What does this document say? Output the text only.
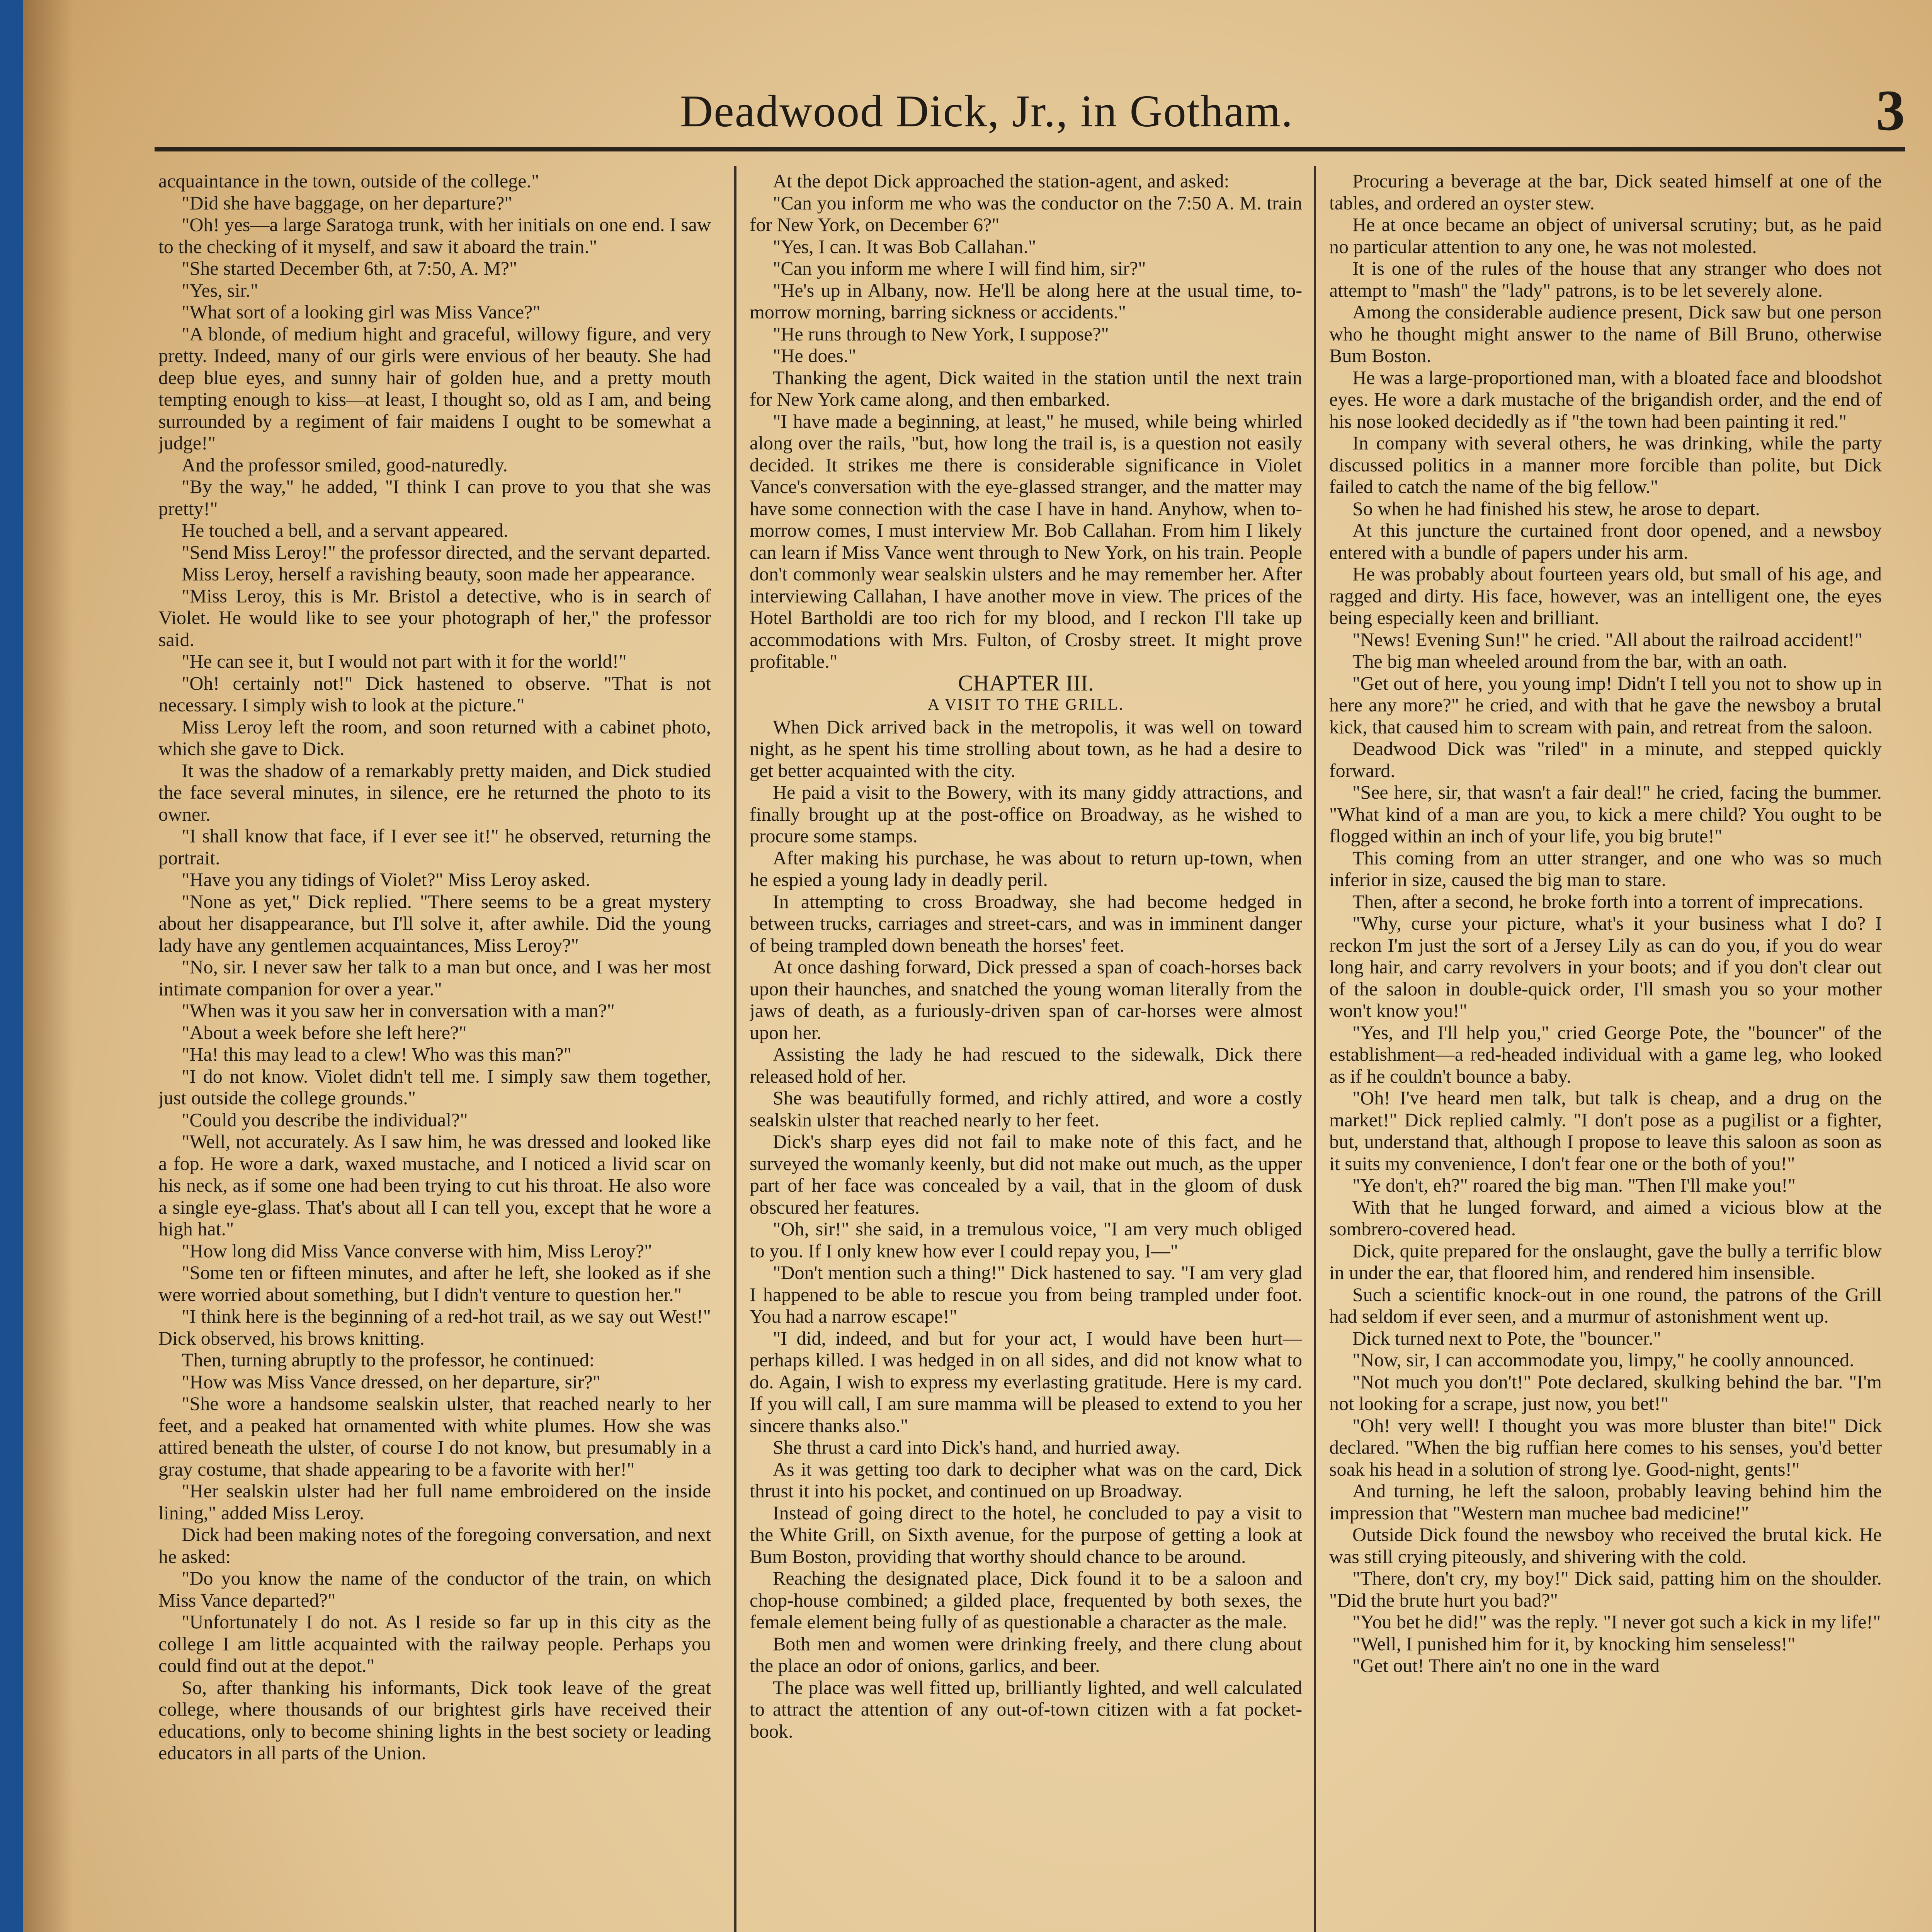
Deadwood Dick, Jr., in Gotham.	3

acquaintance in the town, outside of the college."

"Did she have baggage, on her departure?"

"Oh! yes—a large Saratoga trunk, with her initials on one end. I saw to the checking of it myself, and saw it aboard the train."

"She started December 6th, at 7:50, A. M?"

"Yes, sir."

"What sort of a looking girl was Miss Vance?"

"A blonde, of medium hight and graceful, willowy figure, and very pretty. Indeed, many of our girls were envious of her beauty. She had deep blue eyes, and sunny hair of golden hue, and a pretty mouth tempting enough to kiss—at least, I thought so, old as I am, and being surrounded by a regiment of fair maidens I ought to be somewhat a judge!"

And the professor smiled, good-naturedly.

"By the way," he added, "I think I can prove to you that she was pretty!"

He touched a bell, and a servant appeared.

"Send Miss Leroy!" the professor directed, and the servant departed.

Miss Leroy, herself a ravishing beauty, soon made her appearance.

"Miss Leroy, this is Mr. Bristol a detective, who is in search of Violet. He would like to see your photograph of her," the professor said.

"He can see it, but I would not part with it for the world!"

"Oh! certainly not!" Dick hastened to observe. "That is not necessary. I simply wish to look at the picture."

Miss Leroy left the room, and soon returned with a cabinet photo, which she gave to Dick.

It was the shadow of a remarkably pretty maiden, and Dick studied the face several minutes, in silence, ere he returned the photo to its owner.

"I shall know that face, if I ever see it!" he observed, returning the portrait.

"Have you any tidings of Violet?" Miss Leroy asked.

"None as yet," Dick replied. "There seems to be a great mystery about her disappearance, but I'll solve it, after awhile. Did the young lady have any gentlemen acquaintances, Miss Leroy?"

"No, sir. I never saw her talk to a man but once, and I was her most intimate companion for over a year."

"When was it you saw her in conversation with a man?"

"About a week before she left here?"

"Ha! this may lead to a clew! Who was this man?"

"I do not know. Violet didn't tell me. I simply saw them together, just outside the college grounds."

"Could you describe the individual?"

"Well, not accurately. As I saw him, he was dressed and looked like a fop. He wore a dark, waxed mustache, and I noticed a livid scar on his neck, as if some one had been trying to cut his throat. He also wore a single eye-glass. That's about all I can tell you, except that he wore a high hat."

"How long did Miss Vance converse with him, Miss Leroy?"

"Some ten or fifteen minutes, and after he left, she looked as if she were worried about something, but I didn't venture to question her."

"I think here is the beginning of a red-hot trail, as we say out West!" Dick observed, his brows knitting.

Then, turning abruptly to the professor, he continued:

"How was Miss Vance dressed, on her departure, sir?"

"She wore a handsome sealskin ulster, that reached nearly to her feet, and a peaked hat ornamented with white plumes. How she was attired beneath the ulster, of course I do not know, but presumably in a gray costume, that shade appearing to be a favorite with her!"

"Her sealskin ulster had her full name embroidered on the inside lining," added Miss Leroy.

Dick had been making notes of the foregoing conversation, and next he asked:

"Do you know the name of the conductor of the train, on which Miss Vance departed?"

"Unfortunately I do not. As I reside so far up in this city as the college I am little acquainted with the railway people. Perhaps you could find out at the depot."

So, after thanking his informants, Dick took leave of the great college, where thousands of our brightest girls have received their educations, only to become shining lights in the best society or leading educators in all parts of the Union.

At the depot Dick approached the station-agent, and asked:

"Can you inform me who was the conductor on the 7:50 A. M. train for New York, on December 6?"

"Yes, I can. It was Bob Callahan."

"Can you inform me where I will find him, sir?"

"He's up in Albany, now. He'll be along here at the usual time, to-morrow morning, barring sickness or accidents."

"He runs through to New York, I suppose?"

"He does."

Thanking the agent, Dick waited in the station until the next train for New York came along, and then embarked.

"I have made a beginning, at least," he mused, while being whirled along over the rails, "but, how long the trail is, is a question not easily decided. It strikes me there is considerable significance in Violet Vance's conversation with the eye-glassed stranger, and the matter may have some connection with the case I have in hand. Anyhow, when to-morrow comes, I must interview Mr. Bob Callahan. From him I likely can learn if Miss Vance went through to New York, on his train. People don't commonly wear sealskin ulsters and he may remember her. After interviewing Callahan, I have another move in view. The prices of the Hotel Bartholdi are too rich for my blood, and I reckon I'll take up accommodations with Mrs. Fulton, of Crosby street. It might prove profitable."

CHAPTER III.

A VISIT TO THE GRILL.

When Dick arrived back in the metropolis, it was well on toward night, as he spent his time strolling about town, as he had a desire to get better acquainted with the city.

He paid a visit to the Bowery, with its many giddy attractions, and finally brought up at the post-office on Broadway, as he wished to procure some stamps.

After making his purchase, he was about to return up-town, when he espied a young lady in deadly peril.

In attempting to cross Broadway, she had become hedged in between trucks, carriages and street-cars, and was in imminent danger of being trampled down beneath the horses' feet.

At once dashing forward, Dick pressed a span of coach-horses back upon their haunches, and snatched the young woman literally from the jaws of death, as a furiously-driven span of car-horses were almost upon her.

Assisting the lady he had rescued to the sidewalk, Dick there released hold of her.

She was beautifully formed, and richly attired, and wore a costly sealskin ulster that reached nearly to her feet.

Dick's sharp eyes did not fail to make note of this fact, and he surveyed the womanly keenly, but did not make out much, as the upper part of her face was concealed by a vail, that in the gloom of dusk obscured her features.

"Oh, sir!" she said, in a tremulous voice, "I am very much obliged to you. If I only knew how ever I could repay you, I—"

"Don't mention such a thing!" Dick hastened to say. "I am very glad I happened to be able to rescue you from being trampled under foot. You had a narrow escape!"

"I did, indeed, and but for your act, I would have been hurt—perhaps killed. I was hedged in on all sides, and did not know what to do. Again, I wish to express my everlasting gratitude. Here is my card. If you will call, I am sure mamma will be pleased to extend to you her sincere thanks also."

She thrust a card into Dick's hand, and hurried away.

As it was getting too dark to decipher what was on the card, Dick thrust it into his pocket, and continued on up Broadway.

Instead of going direct to the hotel, he concluded to pay a visit to the White Grill, on Sixth avenue, for the purpose of getting a look at Bum Boston, providing that worthy should chance to be around.

Reaching the designated place, Dick found it to be a saloon and chop-house combined; a gilded place, frequented by both sexes, the female element being fully of as questionable a character as the male.

Both men and women were drinking freely, and there clung about the place an odor of onions, garlics, and beer.

The place was well fitted up, brilliantly lighted, and well calculated to attract the attention of any out-of-town citizen with a fat pocket-book.

Procuring a beverage at the bar, Dick seated himself at one of the tables, and ordered an oyster stew.

He at once became an object of universal scrutiny; but, as he paid no particular attention to any one, he was not molested.

It is one of the rules of the house that any stranger who does not attempt to "mash" the "lady" patrons, is to be let severely alone.

Among the considerable audience present, Dick saw but one person who he thought might answer to the name of Bill Bruno, otherwise Bum Boston.

He was a large-proportioned man, with a bloated face and bloodshot eyes. He wore a dark mustache of the brigandish order, and the end of his nose looked decidedly as if "the town had been painting it red."

In company with several others, he was drinking, while the party discussed politics in a manner more forcible than polite, but Dick failed to catch the name of the big fellow."

So when he had finished his stew, he arose to depart.

At this juncture the curtained front door opened, and a newsboy entered with a bundle of papers under his arm.

He was probably about fourteen years old, but small of his age, and ragged and dirty. His face, however, was an intelligent one, the eyes being especially keen and brilliant.

"News! Evening Sun!" he cried. "All about the railroad accident!"

The big man wheeled around from the bar, with an oath.

"Get out of here, you young imp! Didn't I tell you not to show up in here any more?" he cried, and with that he gave the newsboy a brutal kick, that caused him to scream with pain, and retreat from the saloon.

Deadwood Dick was "riled" in a minute, and stepped quickly forward.

"See here, sir, that wasn't a fair deal!" he cried, facing the bummer. "What kind of a man are you, to kick a mere child? You ought to be flogged within an inch of your life, you big brute!"

This coming from an utter stranger, and one who was so much inferior in size, caused the big man to stare.

Then, after a second, he broke forth into a torrent of imprecations.

"Why, curse your picture, what's it your business what I do? I reckon I'm just the sort of a Jersey Lily as can do you, if you do wear long hair, and carry revolvers in your boots; and if you don't clear out of the saloon in double-quick order, I'll smash you so your mother won't know you!"

"Yes, and I'll help you," cried George Pote, the "bouncer" of the establishment—a red-headed individual with a game leg, who looked as if he couldn't bounce a baby.

"Oh! I've heard men talk, but talk is cheap, and a drug on the market!" Dick replied calmly. "I don't pose as a pugilist or a fighter, but, understand that, although I propose to leave this saloon as soon as it suits my convenience, I don't fear one or the both of you!"

"Ye don't, eh?" roared the big man. "Then I'll make you!"

With that he lunged forward, and aimed a vicious blow at the sombrero-covered head.

Dick, quite prepared for the onslaught, gave the bully a terrific blow in under the ear, that floored him, and rendered him insensible.

Such a scientific knock-out in one round, the patrons of the Grill had seldom if ever seen, and a murmur of astonishment went up.

Dick turned next to Pote, the "bouncer."

"Now, sir, I can accommodate you, limpy," he coolly announced.

"Not much you don't!" Pote declared, skulking behind the bar. "I'm not looking for a scrape, just now, you bet!"

"Oh! very well! I thought you was more bluster than bite!" Dick declared. "When the big ruffian here comes to his senses, you'd better soak his head in a solution of strong lye. Good-night, gents!"

And turning, he left the saloon, probably leaving behind him the impression that "Western man muchee bad medicine!"

Outside Dick found the newsboy who received the brutal kick. He was still crying piteously, and shivering with the cold.

"There, don't cry, my boy!" Dick said, patting him on the shoulder. "Did the brute hurt you bad?"

"You bet he did!" was the reply. "I never got such a kick in my life!"

"Well, I punished him for it, by knocking him senseless!"

"Get out! There ain't no one in the ward
